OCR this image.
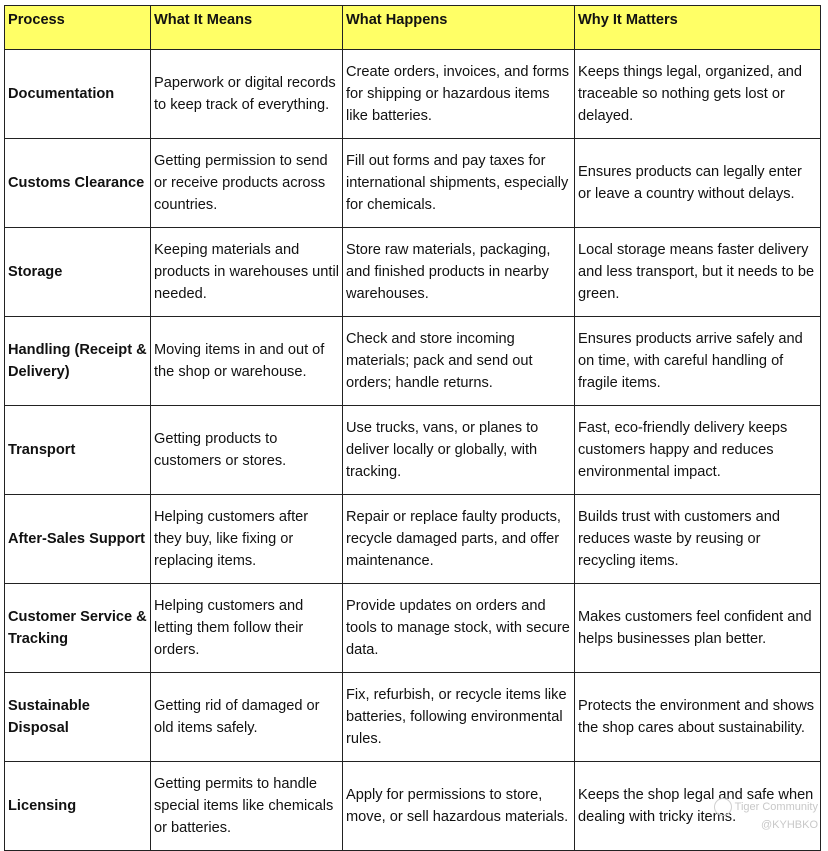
Process	What It Means	What Happens	Why It Matters
Documentation	Paperwork or digital records to keep track of everything.	Create orders, invoices, and forms for shipping or hazardous items like batteries.	Keeps things legal, organized, and traceable so nothing gets lost or delayed.
Customs Clearance	Getting permission to send or receive products across countries.	Fill out forms and pay taxes for international shipments, especially for chemicals.	Ensures products can legally enter or leave a country without delays.
Storage	Keeping materials and products in warehouses until needed.	Store raw materials, packaging, and finished products in nearby warehouses.	Local storage means faster delivery and less transport, but it needs to be green.
Handling (Receipt & Delivery)	Moving items in and out of the shop or warehouse.	Check and store incoming materials; pack and send out orders; handle returns.	Ensures products arrive safely and on time, with careful handling of fragile items.
Transport	Getting products to customers or stores.	Use trucks, vans, or planes to deliver locally or globally, with tracking.	Fast, eco-friendly delivery keeps customers happy and reduces environmental impact.
After-Sales Support	Helping customers after they buy, like fixing or replacing items.	Repair or replace faulty products, recycle damaged parts, and offer maintenance.	Builds trust with customers and reduces waste by reusing or recycling items.
Customer Service & Tracking	Helping customers and letting them follow their orders.	Provide updates on orders and tools to manage stock, with secure data.	Makes customers feel confident and helps businesses plan better.
Sustainable Disposal	Getting rid of damaged or old items safely.	Fix, refurbish, or recycle items like batteries, following environmental rules.	Protects the environment and shows the shop cares about sustainability.
Licensing	Getting permits to handle special items like chemicals or batteries.	Apply for permissions to store, move, or sell hazardous materials.	Keeps the shop legal and safe when dealing with tricky items.
Tiger Community
@KYHBKO
